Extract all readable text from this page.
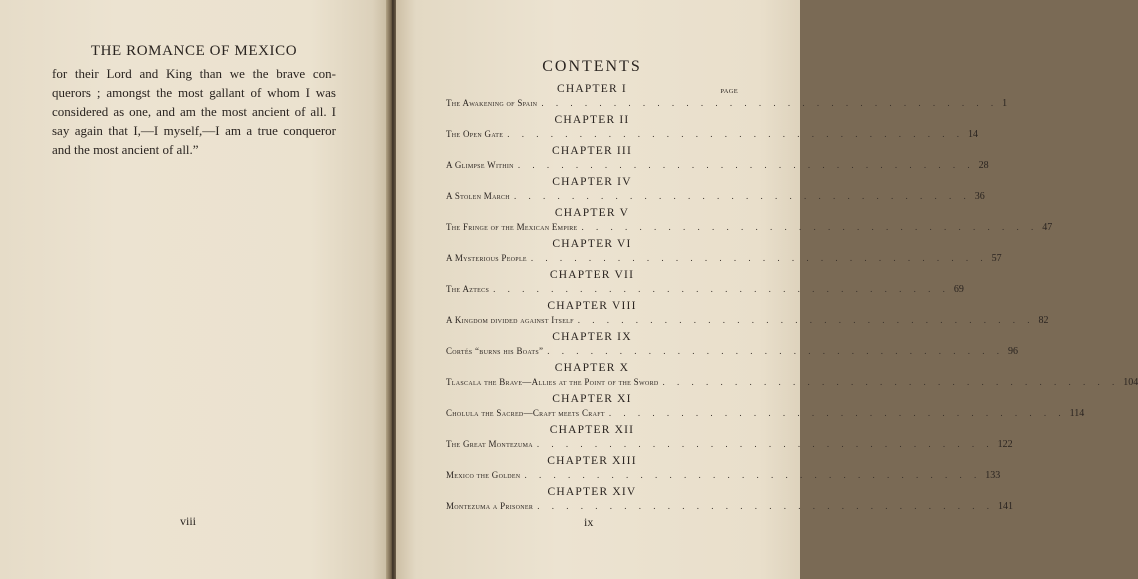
THE ROMANCE OF MEXICO
for their Lord and King than we the brave con-
querors ; amongst the most gallant of whom I was
considered as one, and am the most ancient of all. I
say again that I,—I myself,—I am a true conqueror
and the most ancient of all.”

viii

CONTENTS

PAGE

CHAPTER I
The Awakening of Spain . . . . . . . . . . . . . . . . . . . . . . . . . . . . . . . . 1
CHAPTER II
The Open Gate . . . . . . . . . . . . . . . . . . . . . . . . . . . . . . . . 14
CHAPTER III
A Glimpse Within . . . . . . . . . . . . . . . . . . . . . . . . . . . . . . . . 28
CHAPTER IV
A Stolen March . . . . . . . . . . . . . . . . . . . . . . . . . . . . . . . . 36
CHAPTER V
The Fringe of the Mexican Empire . . . . . . . . . . . . . . . . . . . . . . . . . . . . . . . . 47
CHAPTER VI
A Mysterious People . . . . . . . . . . . . . . . . . . . . . . . . . . . . . . . . 57
CHAPTER VII
The Aztecs . . . . . . . . . . . . . . . . . . . . . . . . . . . . . . . . 69
CHAPTER VIII
A Kingdom divided against Itself . . . . . . . . . . . . . . . . . . . . . . . . . . . . . . . . 82
CHAPTER IX
Cortés “burns his Boats” . . . . . . . . . . . . . . . . . . . . . . . . . . . . . . . . 96
CHAPTER X
Tlascala the Brave—Allies at the Point of the Sword . . . . . . . . . . . . . . . . . . . . . . . . . . . . . . . . 104
CHAPTER XI
Cholula the Sacred—Craft meets Craft . . . . . . . . . . . . . . . . . . . . . . . . . . . . . . . . 114
CHAPTER XII
The Great Montezuma . . . . . . . . . . . . . . . . . . . . . . . . . . . . . . . . 122
CHAPTER XIII
Mexico the Golden . . . . . . . . . . . . . . . . . . . . . . . . . . . . . . . . 133
CHAPTER XIV
Montezuma a Prisoner . . . . . . . . . . . . . . . . . . . . . . . . . . . . . . . . 141

ix
